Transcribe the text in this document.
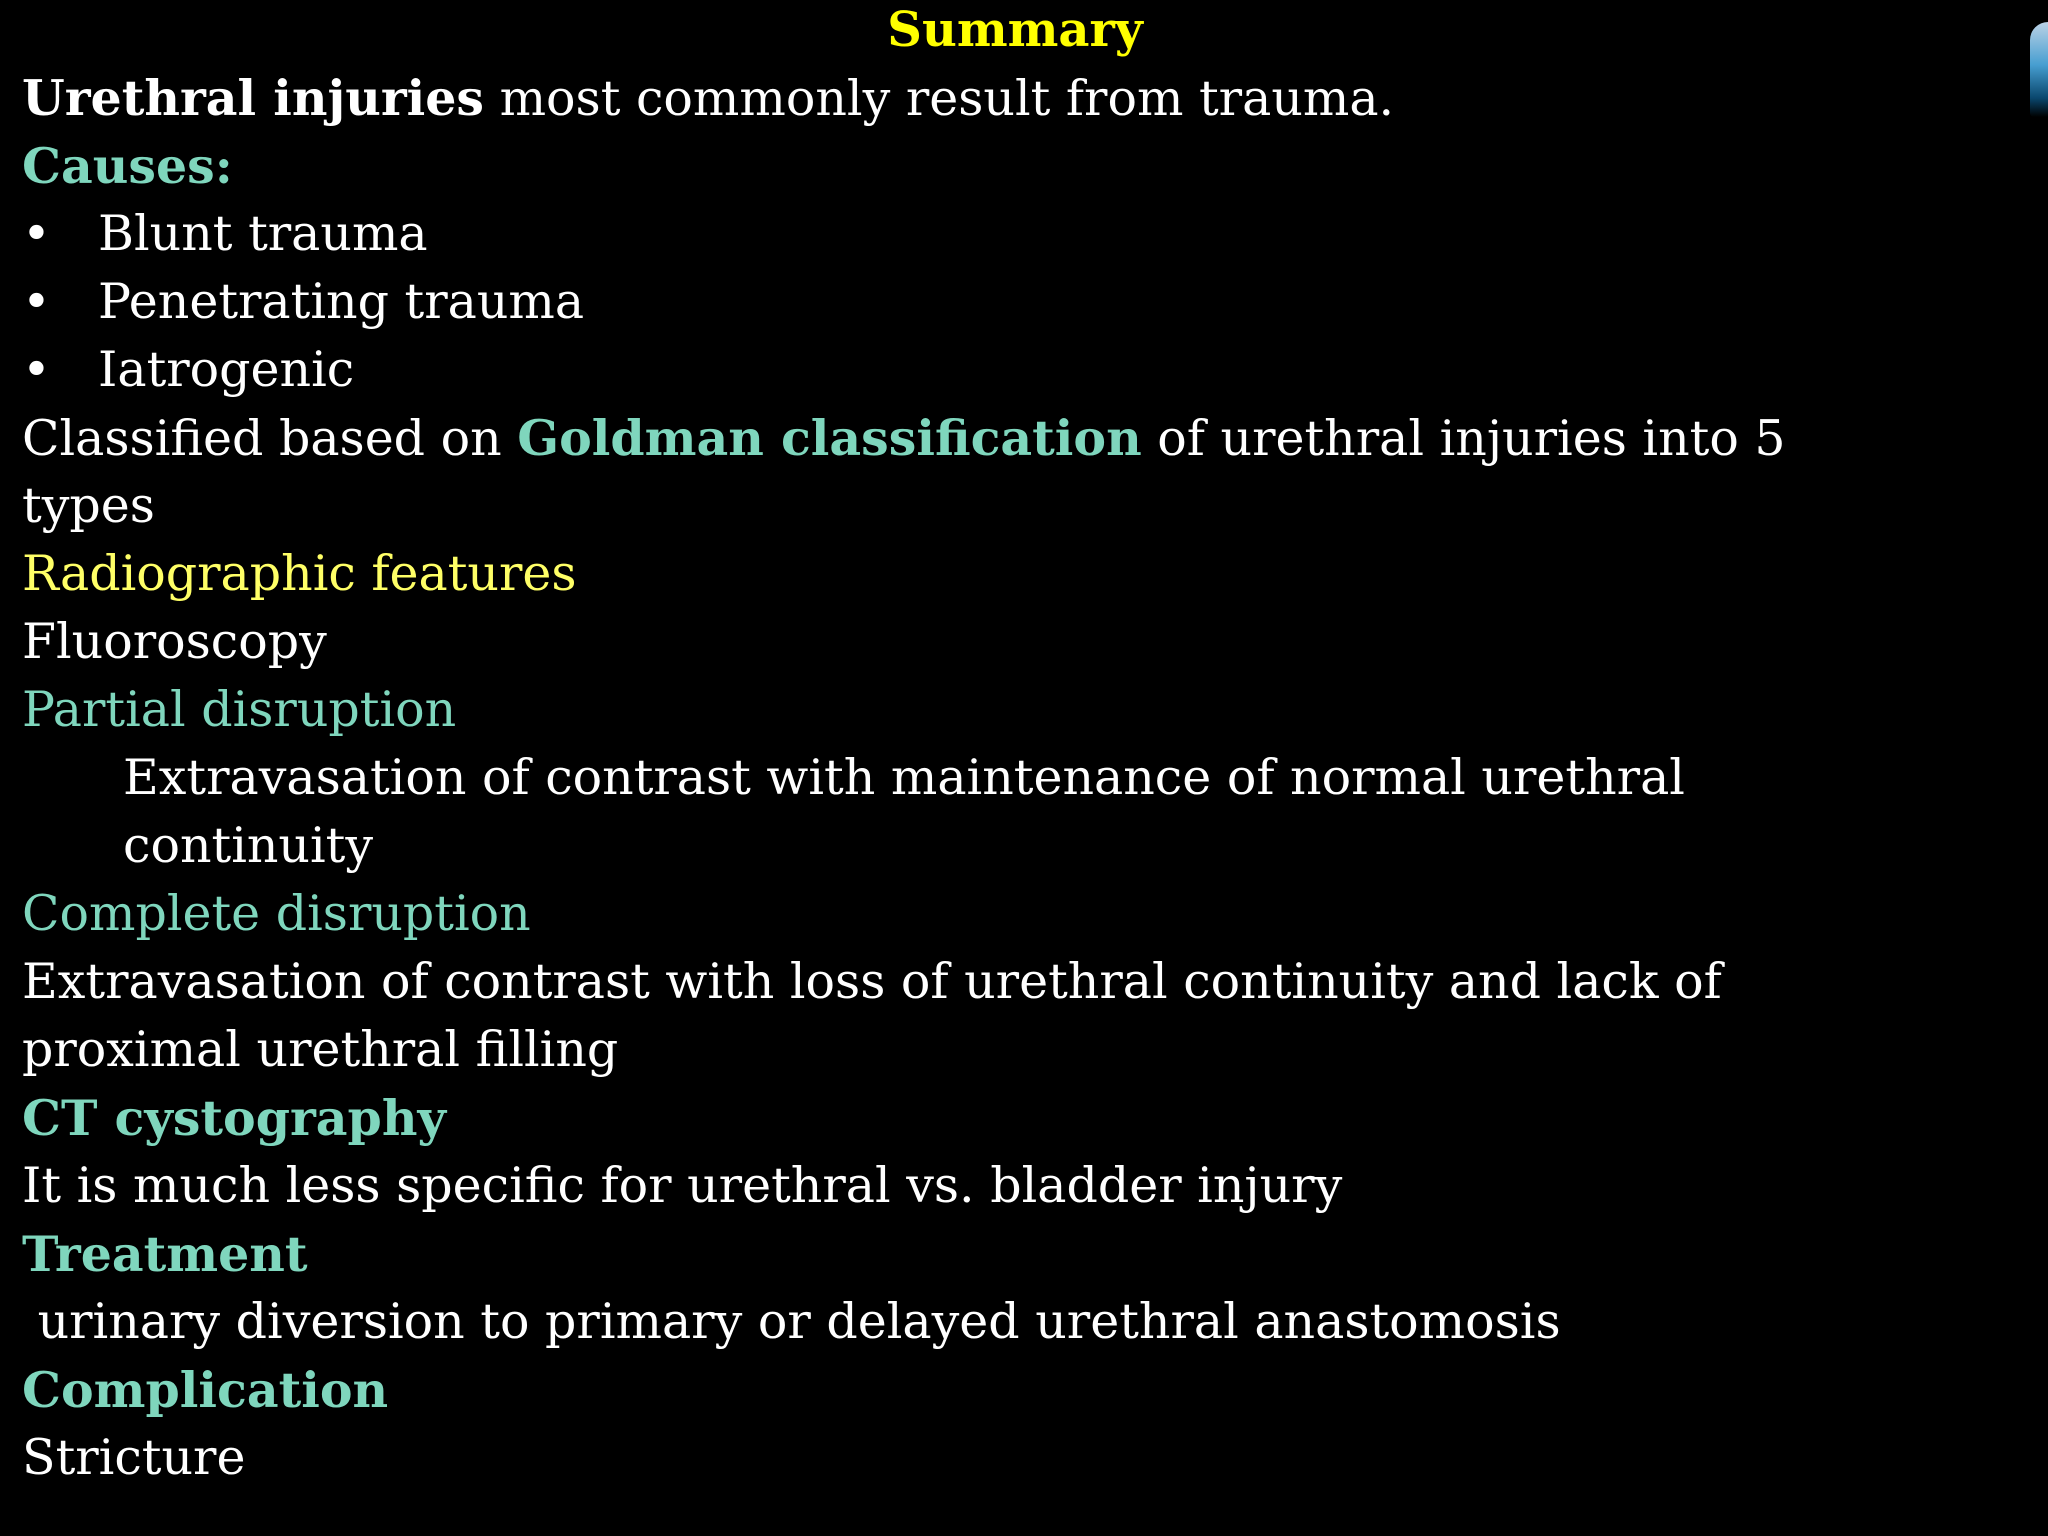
Summary
Urethral injuries most commonly result from trauma.
Causes:
• Blunt trauma
• Penetrating trauma
• Iatrogenic
Classified based on Goldman classification of urethral injuries into 5
types
Radiographic features
Fluoroscopy
Partial disruption
Extravasation of contrast with maintenance of normal urethral
continuity
Complete disruption
Extravasation of contrast with loss of urethral continuity and lack of
proximal urethral filling
CT cystography
It is much less specific for urethral vs. bladder injury
Treatment
urinary diversion to primary or delayed urethral anastomosis
Complication
Stricture
